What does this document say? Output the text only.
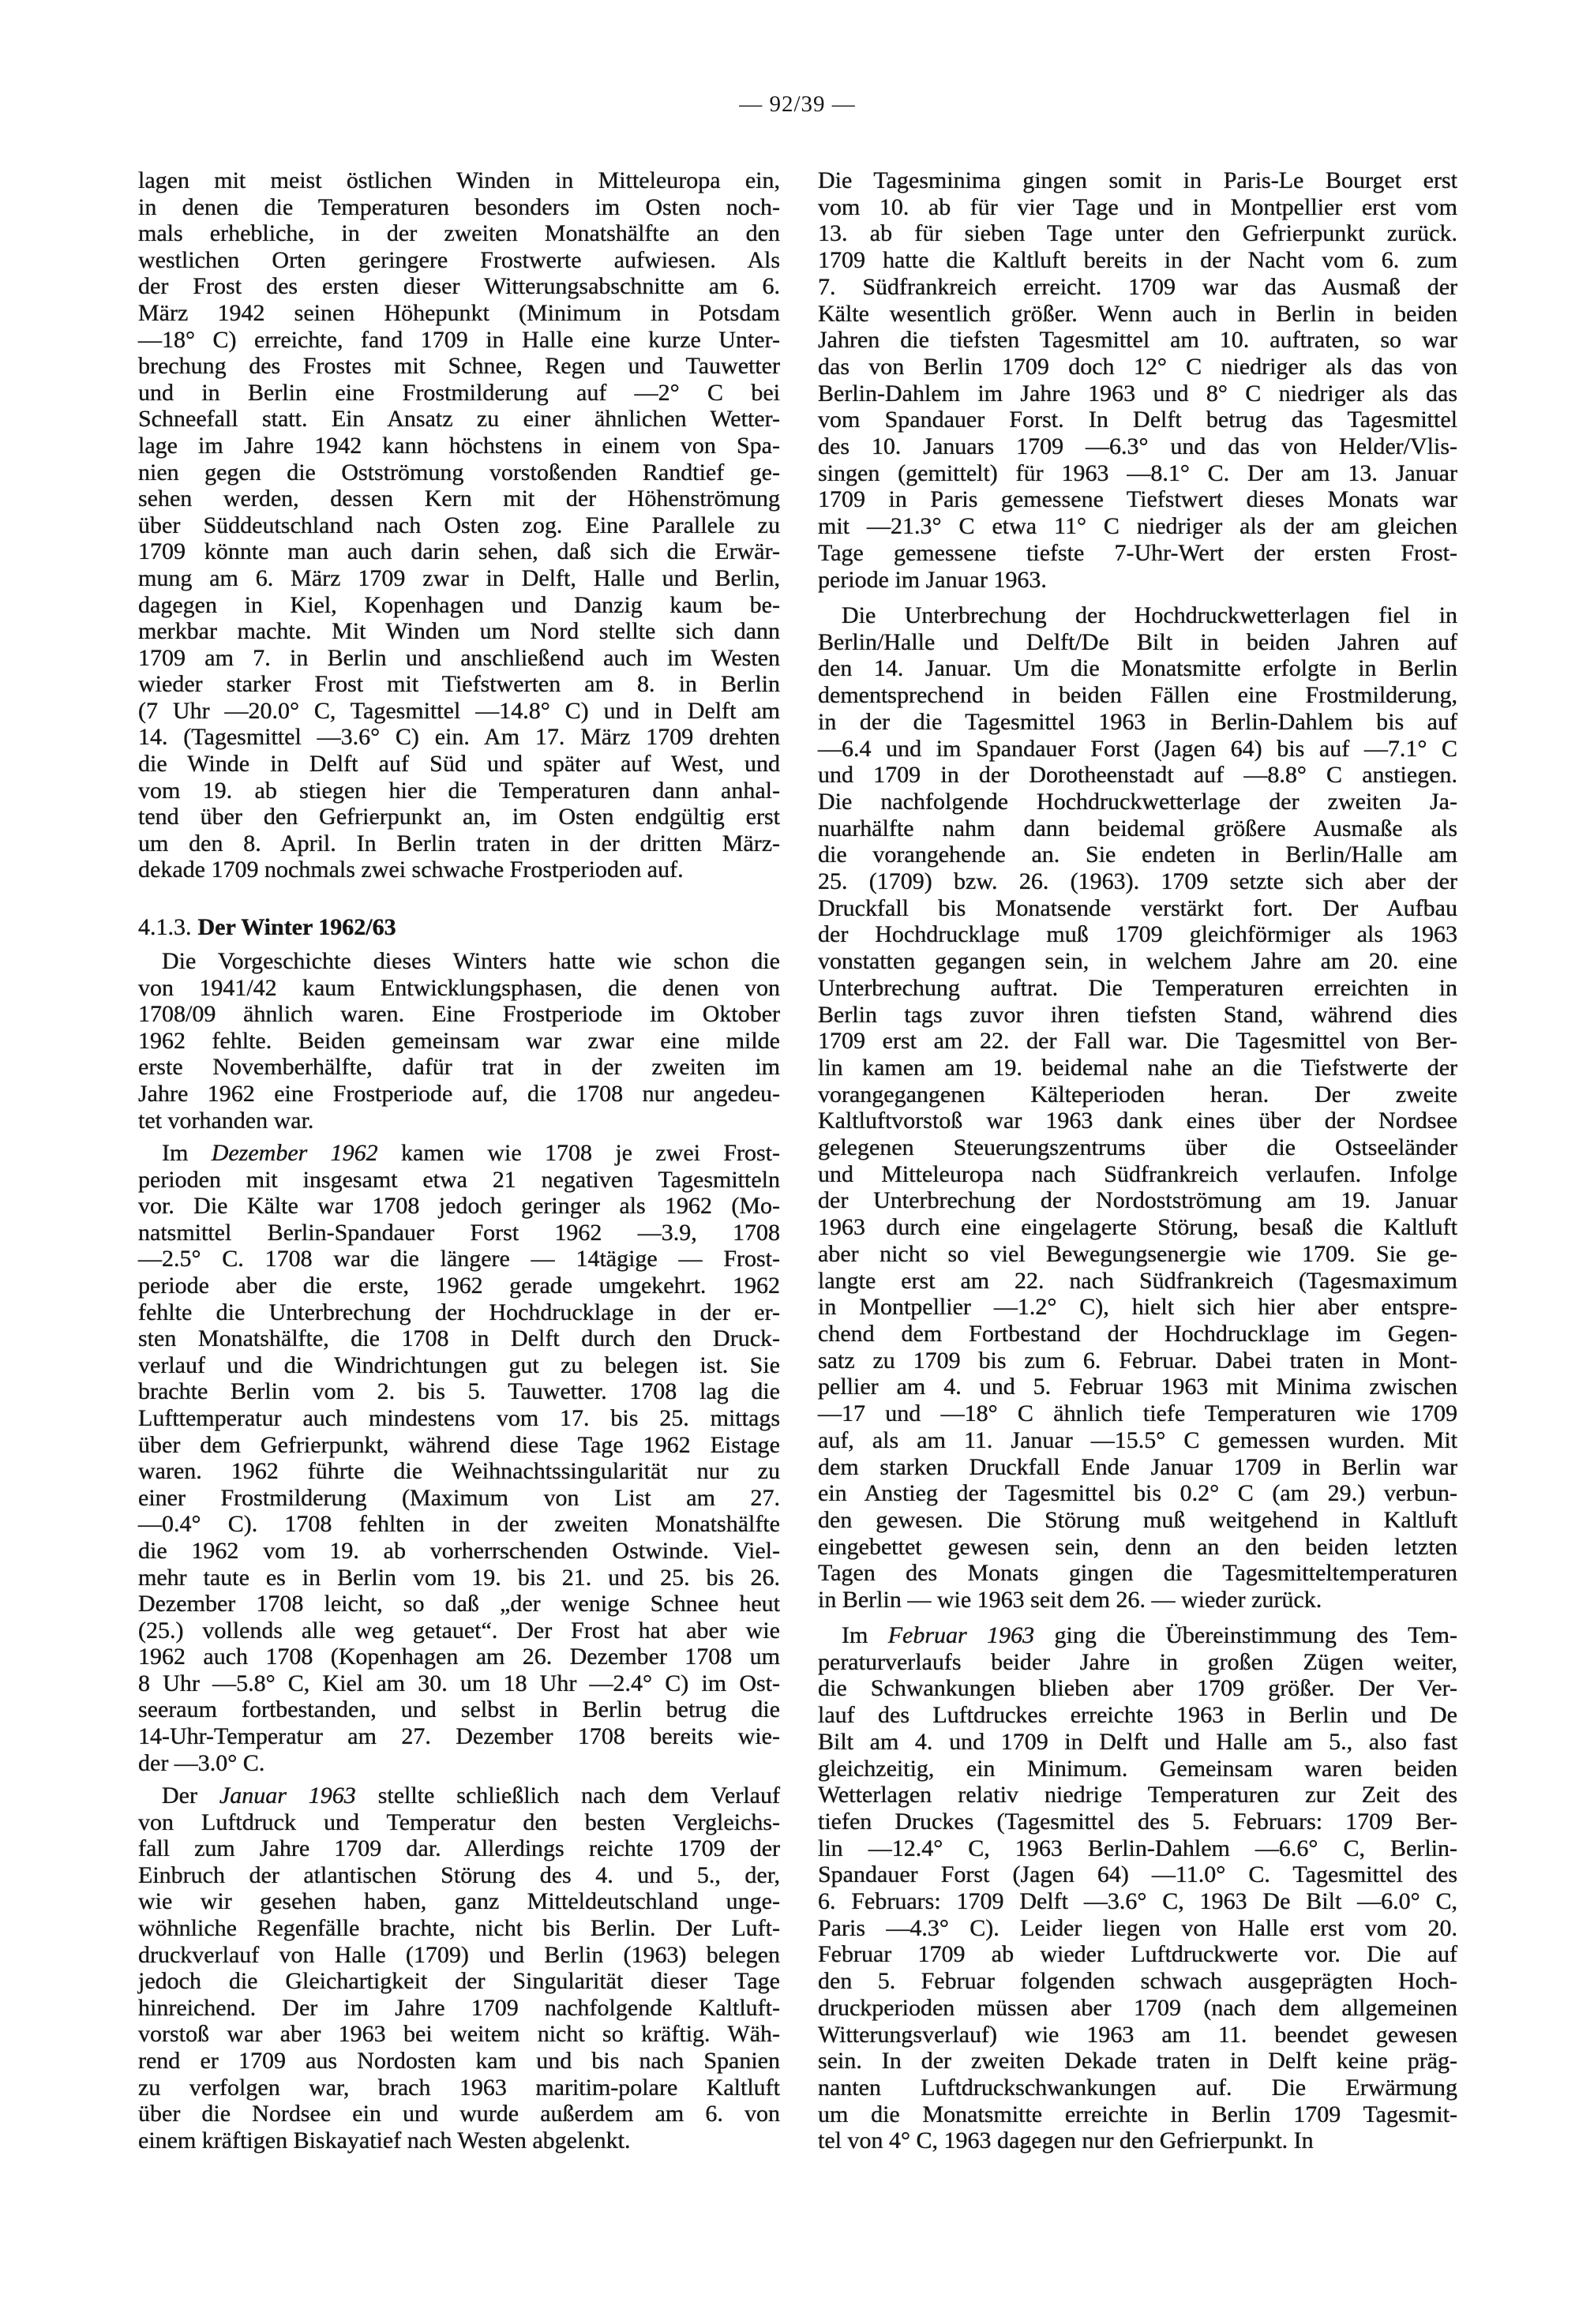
— 92/39 —
lagen mit meist östlichen Winden in Mitteleuropa ein,
in denen die Temperaturen besonders im Osten noch-
mals erhebliche, in der zweiten Monatshälfte an den
westlichen Orten geringere Frostwerte aufwiesen. Als
der Frost des ersten dieser Witterungsabschnitte am 6.
März 1942 seinen Höhepunkt (Minimum in Potsdam
—18° C) erreichte, fand 1709 in Halle eine kurze Unter-
brechung des Frostes mit Schnee, Regen und Tauwetter
und in Berlin eine Frostmilderung auf —2° C bei
Schneefall statt. Ein Ansatz zu einer ähnlichen Wetter-
lage im Jahre 1942 kann höchstens in einem von Spa-
nien gegen die Ostströmung vorstoßenden Randtief ge-
sehen werden, dessen Kern mit der Höhenströmung
über Süddeutschland nach Osten zog. Eine Parallele zu
1709 könnte man auch darin sehen, daß sich die Erwär-
mung am 6. März 1709 zwar in Delft, Halle und Berlin,
dagegen in Kiel, Kopenhagen und Danzig kaum be-
merkbar machte. Mit Winden um Nord stellte sich dann
1709 am 7. in Berlin und anschließend auch im Westen
wieder starker Frost mit Tiefstwerten am 8. in Berlin
(7 Uhr —20.0° C, Tagesmittel —14.8° C) und in Delft am
14. (Tagesmittel —3.6° C) ein. Am 17. März 1709 drehten
die Winde in Delft auf Süd und später auf West, und
vom 19. ab stiegen hier die Temperaturen dann anhal-
tend über den Gefrierpunkt an, im Osten endgültig erst
um den 8. April. In Berlin traten in der dritten März-
dekade 1709 nochmals zwei schwache Frostperioden auf.
4.1.3. Der Winter 1962/63
Die Vorgeschichte dieses Winters hatte wie schon die
von 1941/42 kaum Entwicklungsphasen, die denen von
1708/09 ähnlich waren. Eine Frostperiode im Oktober
1962 fehlte. Beiden gemeinsam war zwar eine milde
erste Novemberhälfte, dafür trat in der zweiten im
Jahre 1962 eine Frostperiode auf, die 1708 nur angedeu-
tet vorhanden war.
Im Dezember 1962 kamen wie 1708 je zwei Frost-
perioden mit insgesamt etwa 21 negativen Tagesmitteln
vor. Die Kälte war 1708 jedoch geringer als 1962 (Mo-
natsmittel Berlin-Spandauer Forst 1962 —3.9, 1708
—2.5° C. 1708 war die längere — 14tägige — Frost-
periode aber die erste, 1962 gerade umgekehrt. 1962
fehlte die Unterbrechung der Hochdrucklage in der er-
sten Monatshälfte, die 1708 in Delft durch den Druck-
verlauf und die Windrichtungen gut zu belegen ist. Sie
brachte Berlin vom 2. bis 5. Tauwetter. 1708 lag die
Lufttemperatur auch mindestens vom 17. bis 25. mittags
über dem Gefrierpunkt, während diese Tage 1962 Eistage
waren. 1962 führte die Weihnachtssingularität nur zu
einer Frostmilderung (Maximum von List am 27.
—0.4° C). 1708 fehlten in der zweiten Monatshälfte
die 1962 vom 19. ab vorherrschenden Ostwinde. Viel-
mehr taute es in Berlin vom 19. bis 21. und 25. bis 26.
Dezember 1708 leicht, so daß „der wenige Schnee heut
(25.) vollends alle weg getauet“. Der Frost hat aber wie
1962 auch 1708 (Kopenhagen am 26. Dezember 1708 um
8 Uhr —5.8° C, Kiel am 30. um 18 Uhr —2.4° C) im Ost-
seeraum fortbestanden, und selbst in Berlin betrug die
14-Uhr-Temperatur am 27. Dezember 1708 bereits wie-
der —3.0° C.
Der Januar 1963 stellte schließlich nach dem Verlauf
von Luftdruck und Temperatur den besten Vergleichs-
fall zum Jahre 1709 dar. Allerdings reichte 1709 der
Einbruch der atlantischen Störung des 4. und 5., der,
wie wir gesehen haben, ganz Mitteldeutschland unge-
wöhnliche Regenfälle brachte, nicht bis Berlin. Der Luft-
druckverlauf von Halle (1709) und Berlin (1963) belegen
jedoch die Gleichartigkeit der Singularität dieser Tage
hinreichend. Der im Jahre 1709 nachfolgende Kaltluft-
vorstoß war aber 1963 bei weitem nicht so kräftig. Wäh-
rend er 1709 aus Nordosten kam und bis nach Spanien
zu verfolgen war, brach 1963 maritim-polare Kaltluft
über die Nordsee ein und wurde außerdem am 6. von
einem kräftigen Biskayatief nach Westen abgelenkt.
Die Tagesminima gingen somit in Paris-Le Bourget erst
vom 10. ab für vier Tage und in Montpellier erst vom
13. ab für sieben Tage unter den Gefrierpunkt zurück.
1709 hatte die Kaltluft bereits in der Nacht vom 6. zum
7. Südfrankreich erreicht. 1709 war das Ausmaß der
Kälte wesentlich größer. Wenn auch in Berlin in beiden
Jahren die tiefsten Tagesmittel am 10. auftraten, so war
das von Berlin 1709 doch 12° C niedriger als das von
Berlin-Dahlem im Jahre 1963 und 8° C niedriger als das
vom Spandauer Forst. In Delft betrug das Tagesmittel
des 10. Januars 1709 —6.3° und das von Helder/Vlis-
singen (gemittelt) für 1963 —8.1° C. Der am 13. Januar
1709 in Paris gemessene Tiefstwert dieses Monats war
mit —21.3° C etwa 11° C niedriger als der am gleichen
Tage gemessene tiefste 7-Uhr-Wert der ersten Frost-
periode im Januar 1963.
Die Unterbrechung der Hochdruckwetterlagen fiel in
Berlin/Halle und Delft/De Bilt in beiden Jahren auf
den 14. Januar. Um die Monatsmitte erfolgte in Berlin
dementsprechend in beiden Fällen eine Frostmilderung,
in der die Tagesmittel 1963 in Berlin-Dahlem bis auf
—6.4 und im Spandauer Forst (Jagen 64) bis auf —7.1° C
und 1709 in der Dorotheenstadt auf —8.8° C anstiegen.
Die nachfolgende Hochdruckwetterlage der zweiten Ja-
nuarhälfte nahm dann beidemal größere Ausmaße als
die vorangehende an. Sie endeten in Berlin/Halle am
25. (1709) bzw. 26. (1963). 1709 setzte sich aber der
Druckfall bis Monatsende verstärkt fort. Der Aufbau
der Hochdrucklage muß 1709 gleichförmiger als 1963
vonstatten gegangen sein, in welchem Jahre am 20. eine
Unterbrechung auftrat. Die Temperaturen erreichten in
Berlin tags zuvor ihren tiefsten Stand, während dies
1709 erst am 22. der Fall war. Die Tagesmittel von Ber-
lin kamen am 19. beidemal nahe an die Tiefstwerte der
vorangegangenen Kälteperioden heran. Der zweite
Kaltluftvorstoß war 1963 dank eines über der Nordsee
gelegenen Steuerungszentrums über die Ostseeländer
und Mitteleuropa nach Südfrankreich verlaufen. Infolge
der Unterbrechung der Nordostströmung am 19. Januar
1963 durch eine eingelagerte Störung, besaß die Kaltluft
aber nicht so viel Bewegungsenergie wie 1709. Sie ge-
langte erst am 22. nach Südfrankreich (Tagesmaximum
in Montpellier —1.2° C), hielt sich hier aber entspre-
chend dem Fortbestand der Hochdrucklage im Gegen-
satz zu 1709 bis zum 6. Februar. Dabei traten in Mont-
pellier am 4. und 5. Februar 1963 mit Minima zwischen
—17 und —18° C ähnlich tiefe Temperaturen wie 1709
auf, als am 11. Januar —15.5° C gemessen wurden. Mit
dem starken Druckfall Ende Januar 1709 in Berlin war
ein Anstieg der Tagesmittel bis 0.2° C (am 29.) verbun-
den gewesen. Die Störung muß weitgehend in Kaltluft
eingebettet gewesen sein, denn an den beiden letzten
Tagen des Monats gingen die Tagesmitteltemperaturen
in Berlin — wie 1963 seit dem 26. — wieder zurück.
Im Februar 1963 ging die Übereinstimmung des Tem-
peraturverlaufs beider Jahre in großen Zügen weiter,
die Schwankungen blieben aber 1709 größer. Der Ver-
lauf des Luftdruckes erreichte 1963 in Berlin und De
Bilt am 4. und 1709 in Delft und Halle am 5., also fast
gleichzeitig, ein Minimum. Gemeinsam waren beiden
Wetterlagen relativ niedrige Temperaturen zur Zeit des
tiefen Druckes (Tagesmittel des 5. Februars: 1709 Ber-
lin —12.4° C, 1963 Berlin-Dahlem —6.6° C, Berlin-
Spandauer Forst (Jagen 64) —11.0° C. Tagesmittel des
6. Februars: 1709 Delft —3.6° C, 1963 De Bilt —6.0° C,
Paris —4.3° C). Leider liegen von Halle erst vom 20.
Februar 1709 ab wieder Luftdruckwerte vor. Die auf
den 5. Februar folgenden schwach ausgeprägten Hoch-
druckperioden müssen aber 1709 (nach dem allgemeinen
Witterungsverlauf) wie 1963 am 11. beendet gewesen
sein. In der zweiten Dekade traten in Delft keine präg-
nanten Luftdruckschwankungen auf. Die Erwärmung
um die Monatsmitte erreichte in Berlin 1709 Tagesmit-
tel von 4° C, 1963 dagegen nur den Gefrierpunkt. In
